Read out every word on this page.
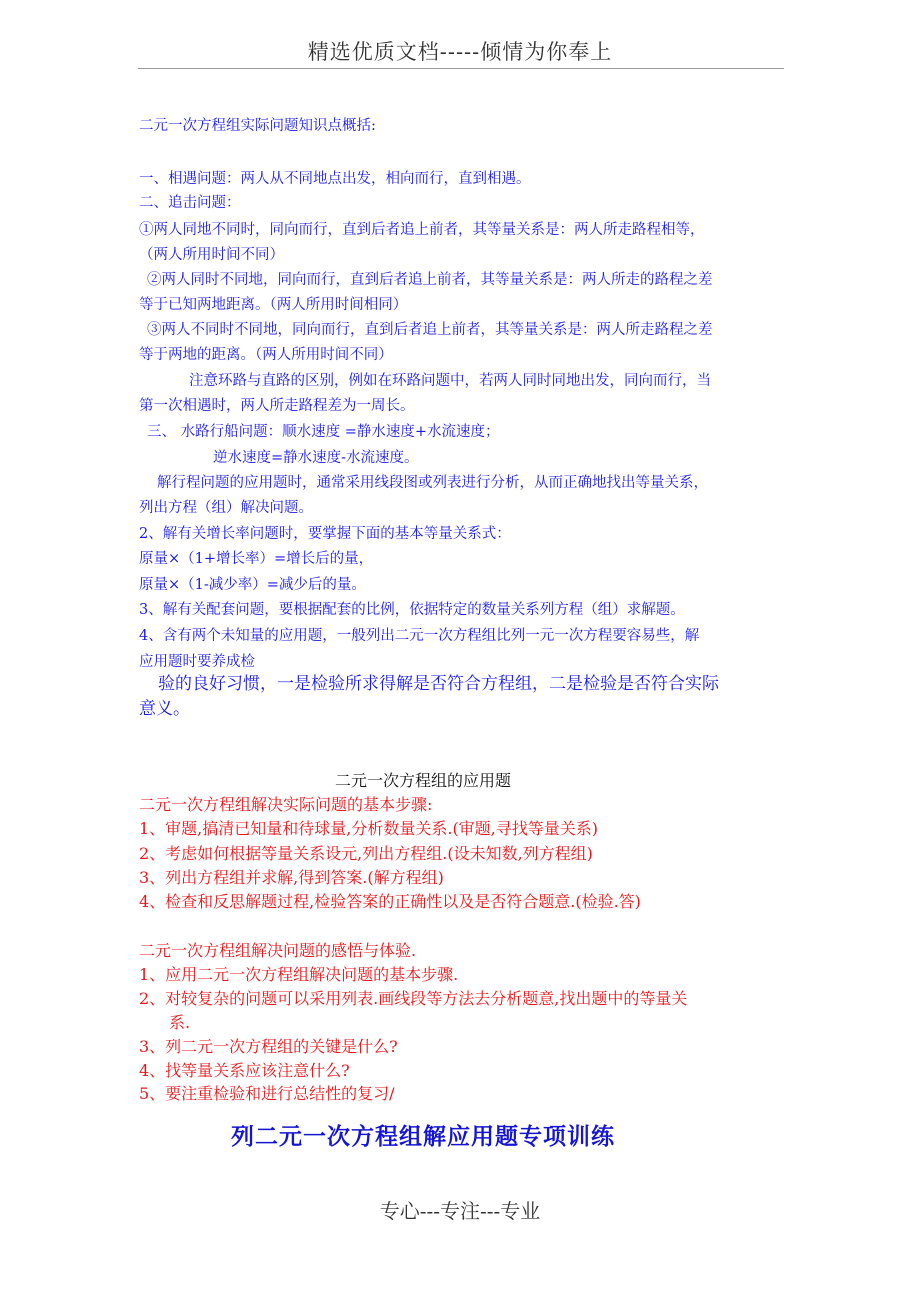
精选优质文档-----倾情为你奉上
二元一次方程组实际问题知识点概括:
一、相遇问题：两人从不同地点出发，相向而行，直到相遇。
二、追击问题：
①两人同地不同时，同向而行，直到后者追上前者，其等量关系是：两人所走路程相等，
（两人所用时间不同）
②两人同时不同地，同向而行，直到后者追上前者，其等量关系是：两人所走的路程之差
等于已知两地距离。（两人所用时间相同）
③两人不同时不同地，同向而行，直到后者追上前者，其等量关系是：两人所走路程之差
等于两地的距离。（两人所用时间不同）
注意环路与直路的区别，例如在环路问题中，若两人同时同地出发，同向而行，当
第一次相遇时，两人所走路程差为一周长。
三、 水路行船问题：顺水速度 =静水速度+水流速度；
逆水速度=静水速度-水流速度。
解行程问题的应用题时，通常采用线段图或列表进行分析，从而正确地找出等量关系，
列出方程（组）解决问题。
2、解有关增长率问题时，要掌握下面的基本等量关系式：
原量×（1+增长率）=增长后的量，
原量×（1-减少率）=减少后的量。
3、解有关配套问题，要根据配套的比例，依据特定的数量关系列方程（组）求解题。
4、含有两个未知量的应用题，一般列出二元一次方程组比列一元一次方程要容易些，解
应用题时要养成检
验的良好习惯，一是检验所求得解是否符合方程组，二是检验是否符合实际
意义。
二元一次方程组的应用题
二元一次方程组解决实际问题的基本步骤:
1、审题,搞清已知量和待球量,分析数量关系.(审题,寻找等量关系)
2、考虑如何根据等量关系设元,列出方程组.(设未知数,列方程组)
3、列出方程组并求解,得到答案.(解方程组)
4、检查和反思解题过程,检验答案的正确性以及是否符合题意.(检验.答)
二元一次方程组解决问题的感悟与体验.
1、应用二元一次方程组解决问题的基本步骤.
2、对较复杂的问题可以采用列表.画线段等方法去分析题意,找出题中的等量关
系.
3、列二元一次方程组的关键是什么?
4、找等量关系应该注意什么?
5、要注重检验和进行总结性的复习/
列二元一次方程组解应用题专项训练
专心---专注---专业
